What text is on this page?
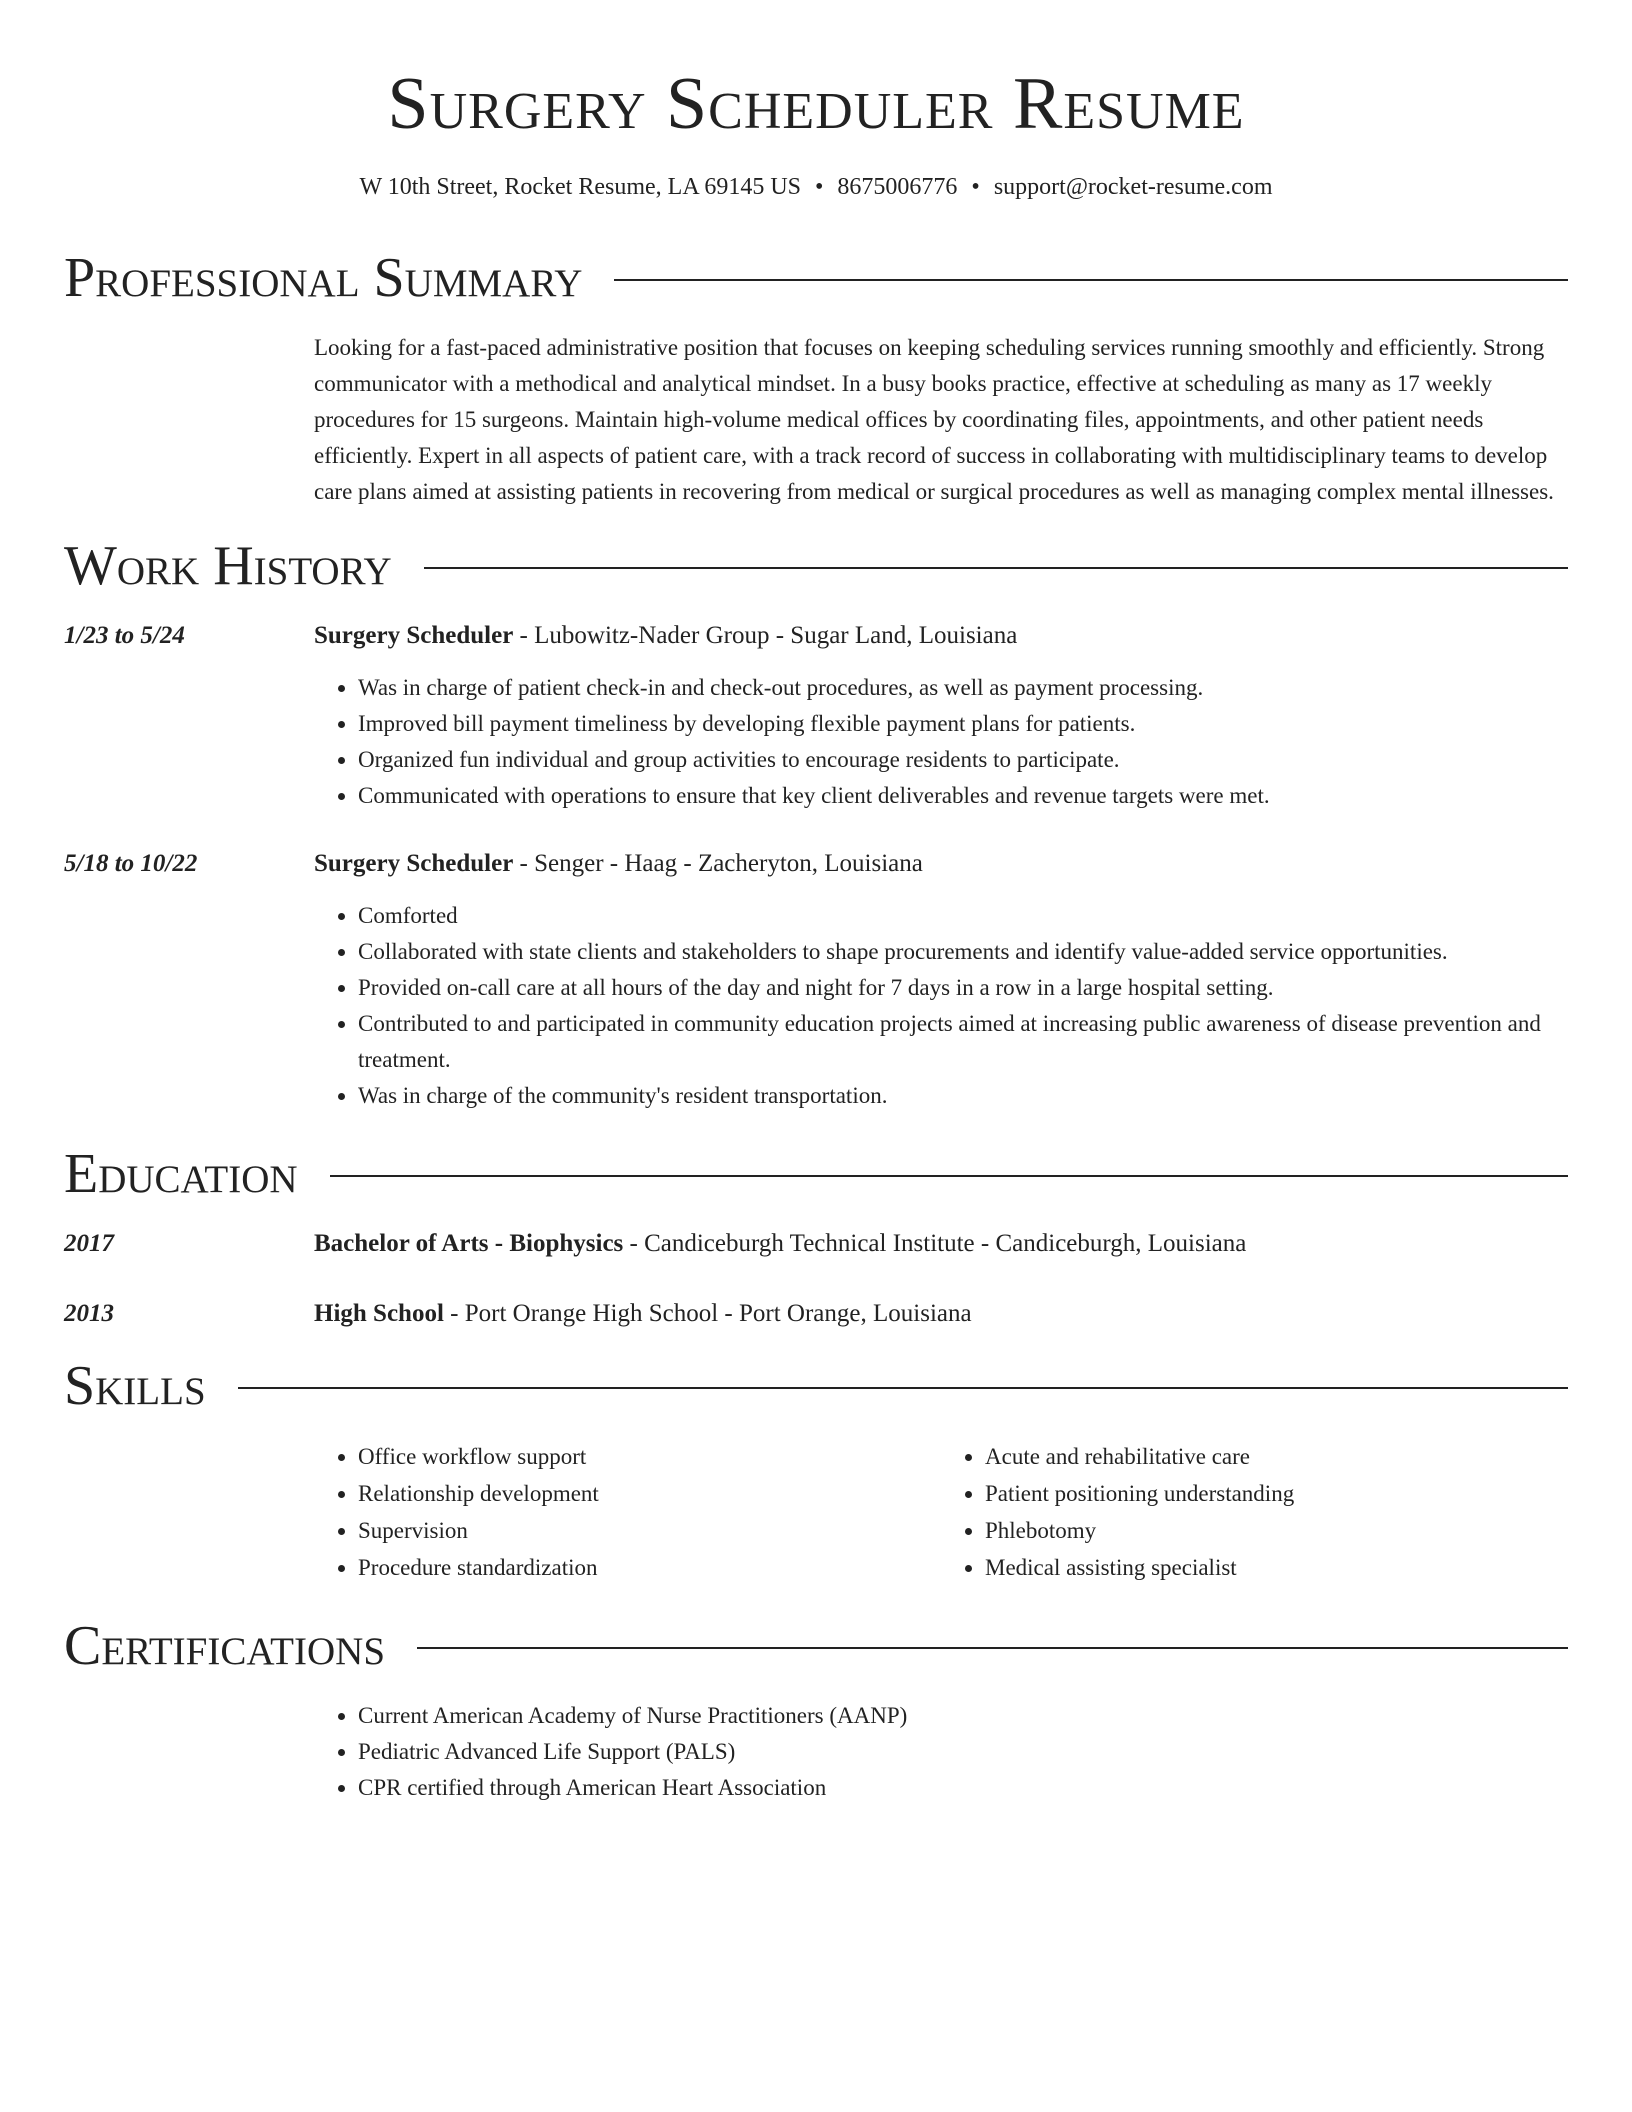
Surgery Scheduler Resume
W 10th Street, Rocket Resume, LA 69145 US • 8675006776 • support@rocket-resume.com
Professional Summary

Looking for a fast-paced administrative position that focuses on keeping scheduling services running smoothly and efficiently. Strong communicator with a methodical and analytical mindset. In a busy books practice, effective at scheduling as many as 17 weekly procedures for 15 surgeons. Maintain high-volume medical offices by coordinating files, appointments, and other patient needs efficiently. Expert in all aspects of patient care, with a track record of success in collaborating with multidisciplinary teams to develop care plans aimed at assisting patients in recovering from medical or surgical procedures as well as managing complex mental illnesses.

Work History
1/23 to 5/24	Surgery Scheduler - Lubowitz-Nader Group - Sugar Land, Louisiana
• Was in charge of patient check-in and check-out procedures, as well as payment processing.
• Improved bill payment timeliness by developing flexible payment plans for patients.
• Organized fun individual and group activities to encourage residents to participate.
• Communicated with operations to ensure that key client deliverables and revenue targets were met.
5/18 to 10/22	Surgery Scheduler - Senger - Haag - Zacheryton, Louisiana
• Comforted
• Collaborated with state clients and stakeholders to shape procurements and identify value-added service opportunities.
• Provided on-call care at all hours of the day and night for 7 days in a row in a large hospital setting.
• Contributed to and participated in community education projects aimed at increasing public awareness of disease prevention and treatment.
• Was in charge of the community's resident transportation.
Education
2017	Bachelor of Arts - Biophysics - Candiceburgh Technical Institute - Candiceburgh, Louisiana
2013	High School - Port Orange High School - Port Orange, Louisiana
Skills
• Office workflow support
• Relationship development
• Supervision
• Procedure standardization
• Acute and rehabilitative care
• Patient positioning understanding
• Phlebotomy
• Medical assisting specialist
Certifications
• Current American Academy of Nurse Practitioners (AANP)
• Pediatric Advanced Life Support (PALS)
• CPR certified through American Heart Association
